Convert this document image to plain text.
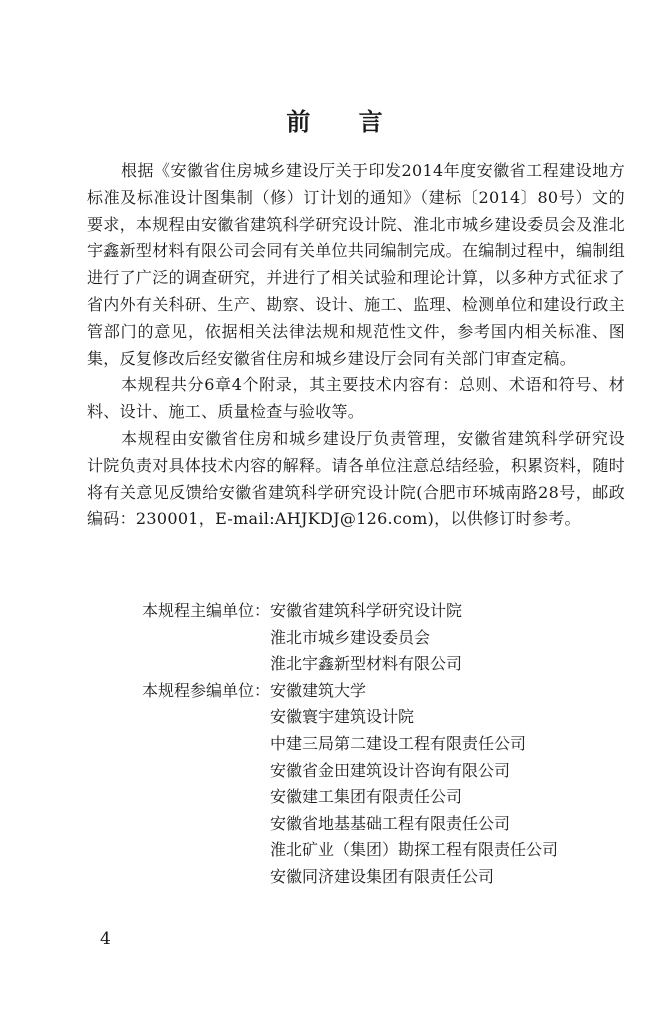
前 言

根据《安徽省住房城乡建设厅关于印发2014年度安徽省工程建设地方标准及标准设计图集制（修）订计划的通知》（建标〔2014〕80号）文的要求，本规程由安徽省建筑科学研究设计院、淮北市城乡建设委员会及淮北宇鑫新型材料有限公司会同有关单位共同编制完成。在编制过程中，编制组进行了广泛的调查研究，并进行了相关试验和理论计算，以多种方式征求了省内外有关科研、生产、勘察、设计、施工、监理、检测单位和建设行政主管部门的意见，依据相关法律法规和规范性文件，参考国内相关标准、图集，反复修改后经安徽省住房和城乡建设厅会同有关部门审查定稿。

本规程共分6章4个附录，其主要技术内容有：总则、术语和符号、材料、设计、施工、质量检查与验收等。

本规程由安徽省住房和城乡建设厅负责管理，安徽省建筑科学研究设计院负责对具体技术内容的解释。请各单位注意总结经验，积累资料，随时将有关意见反馈给安徽省建筑科学研究设计院(合肥市环城南路28号，邮政编码：230001，E-mail:AHJKDJ@126.com)，以供修订时参考。

本规程主编单位： 安徽省建筑科学研究设计院
淮北市城乡建设委员会
淮北宇鑫新型材料有限公司
本规程参编单位： 安徽建筑大学
安徽寰宇建筑设计院
中建三局第二建设工程有限责任公司
安徽省金田建筑设计咨询有限公司
安徽建工集团有限责任公司
安徽省地基基础工程有限责任公司
淮北矿业（集团）勘探工程有限责任公司
安徽同济建设集团有限责任公司
4
